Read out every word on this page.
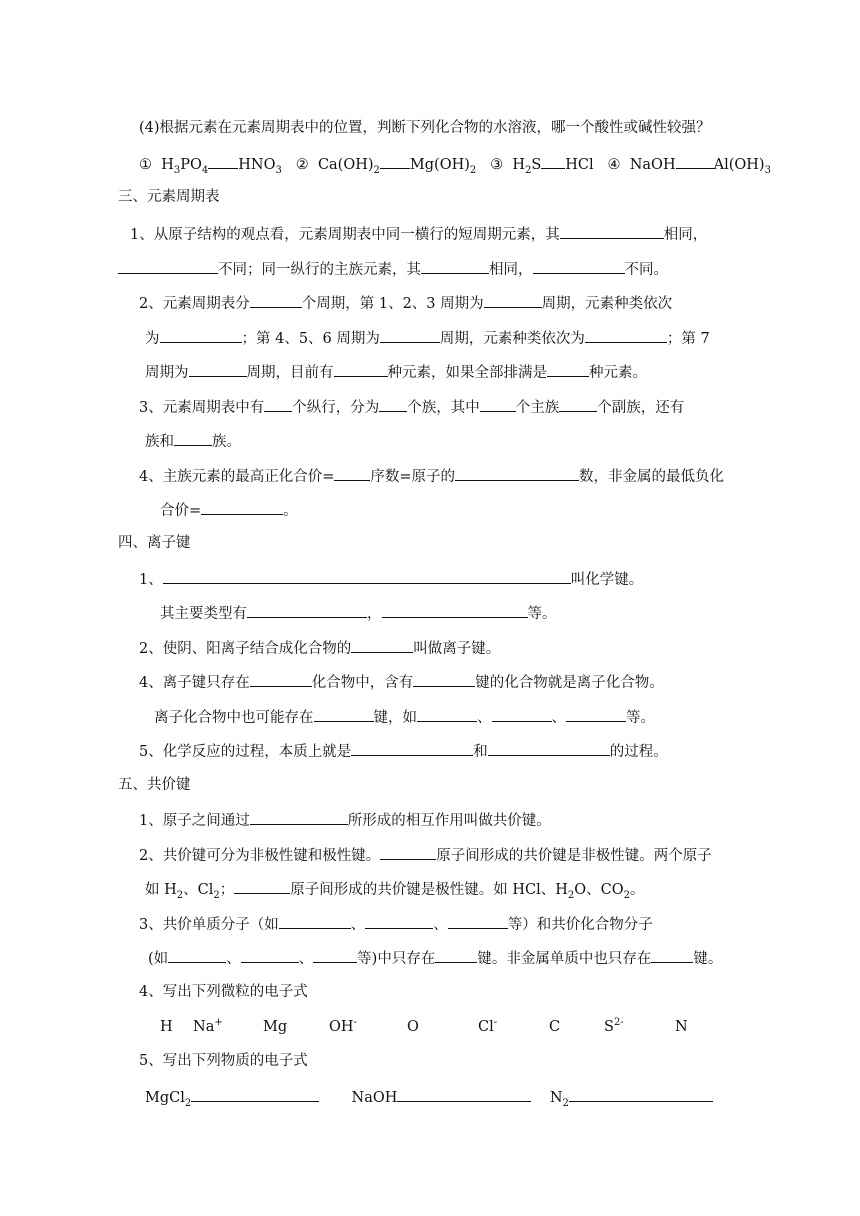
(4)根据元素在元素周期表中的位置，判断下列化合物的水溶液，哪一个酸性或碱性较强？
① $H_3PO_4$ $HNO_3$ ② $Ca(OH)_2$ $Mg(OH)_2$ ③ $H_2S$ HCl ④ NaOH	$Al(OH)_3$
三、元素周期表
1、从原子结构的观点看，元素周期表中同一横行的短周期元素，其	相同，
不同；同一纵行的主族元素，其	相同，	不同。
2、元素周期表分	个周期，第 1、2、3 周期为	周期，元素种类依次
为	；第 4、5、6 周期为	周期，元素种类依次为	；第 7
周期为	周期，目前有	种元素，如果全部排满是	种元素。
3、元素周期表中有 个纵行，分为 个族，其中 个主族	个副族，还有
族和	族。
4、主族元素的最高正化合价= 序数=原子的	数，非金属的最低负化
合价=	。
四、离子键
1、	叫化学键。
其主要类型有	，	等。
2、使阴、阳离子结合成化合物的	叫做离子键。
4、离子键只存在	化合物中，含有	键的化合物就是离子化合物。
离子化合物中也可能存在	键，如	、	、	等。
5、化学反应的过程，本质上就是	和	的过程。
五、共价键
1、原子之间通过	所形成的相互作用叫做共价键。
2、共价键可分为非极性键和极性键。	原子间形成的共价键是非极性键。两个原子
如 $H_2$、$Cl_2$；	原子间形成的共价键是极性键。如 HCl、$H_2O$、$CO_2$。
3、共价单质分子（如	、	、	等）和共价化合物分子
(如	、	、	等)中只存在	键。非金属单质中也只存在	键。
4、写出下列微粒的电子式
H Na+	Mg	OH-	O	Cl-	C	$S^{2-}$	N
5、写出下列物质的电子式
MgCl$_2$	NaOH	$N_2$
